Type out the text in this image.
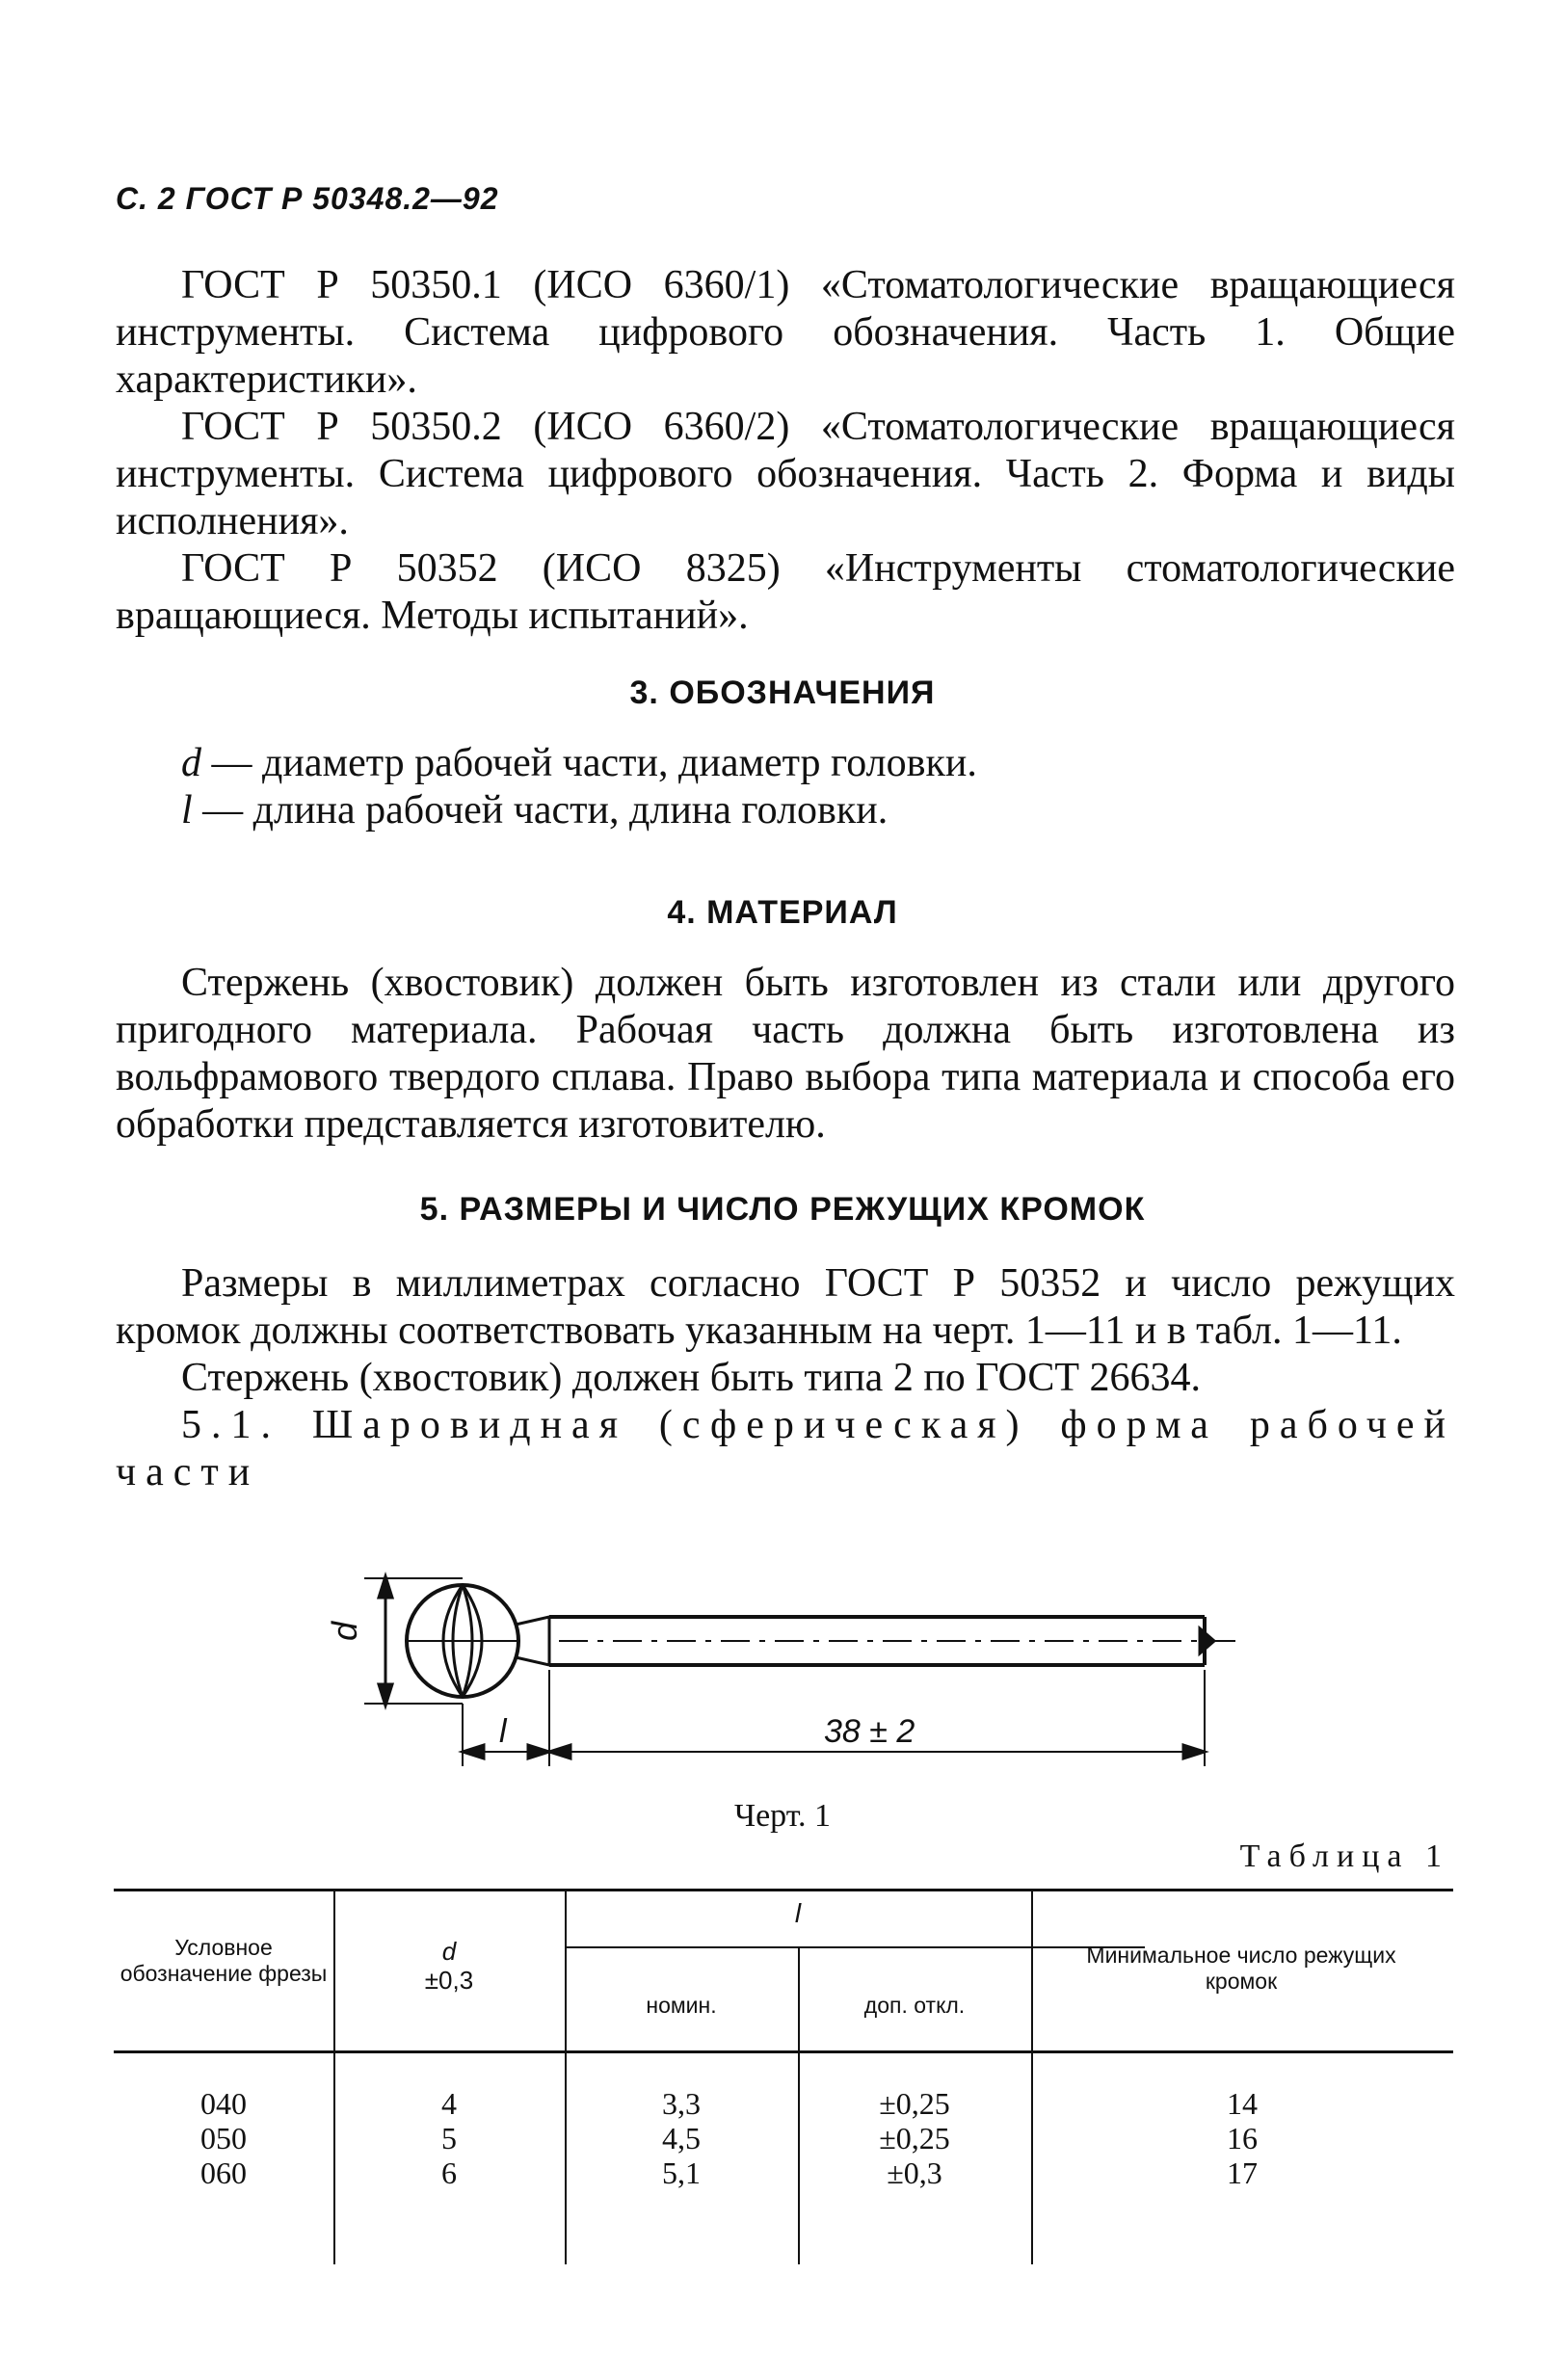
С. 2 ГОСТ Р 50348.2—92

ГОСТ Р 50350.1 (ИСО 6360/1) «Стоматологические вращающиеся инструменты. Система цифрового обозначения. Часть 1. Общие характеристики».

ГОСТ Р 50350.2 (ИСО 6360/2) «Стоматологические вращающиеся инструменты. Система цифрового обозначения. Часть 2. Форма и виды исполнения».

ГОСТ Р 50352 (ИСО 8325) «Инструменты стоматологические вращающиеся. Методы испытаний».

3. ОБОЗНАЧЕНИЯ

d — диаметр рабочей части, диаметр головки.

l — длина рабочей части, длина головки.

4. МАТЕРИАЛ

Стержень (хвостовик) должен быть изготовлен из стали или другого пригодного материала. Рабочая часть должна быть изготовлена из вольфрамового твердого сплава. Право выбора типа материала и способа его обработки представляется изготовителю.

5. РАЗМЕРЫ И ЧИСЛО РЕЖУЩИХ КРОМОК

Размеры в миллиметрах согласно ГОСТ Р 50352 и число режущих кромок должны соответствовать указанным на черт. 1—11 и в табл. 1—11.

Стержень (хвостовик) должен быть типа 2 по ГОСТ 26634.

5.1. Шаровидная (сферическая) форма рабочей части

d
l	38 ± 2
Черт. 1
Таблица 1
Условное обозначение фрезы
d
±0,3
l
номин.	доп. откл.
Минимальное число режущих кромок
040	4	3,3	±0,25	14
050	5	4,5	±0,25	16
060	6	5,1	±0,3	17
